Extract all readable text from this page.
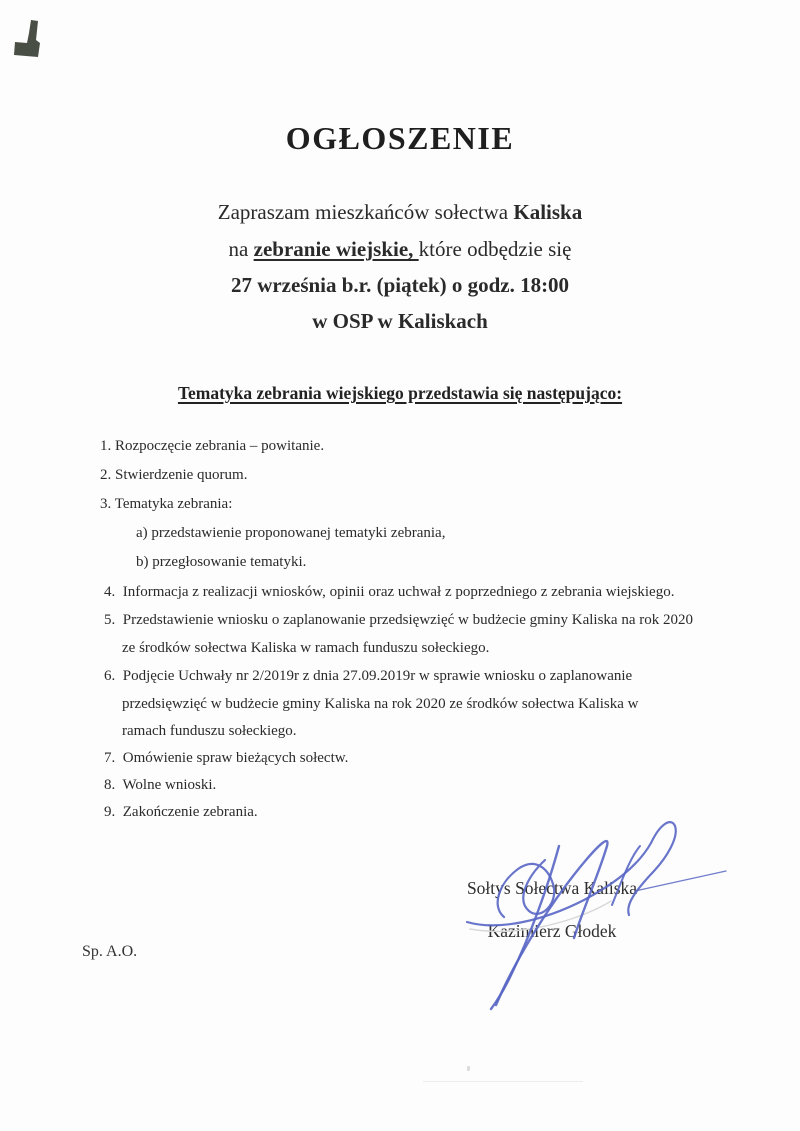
OGŁOSZENIE
Zapraszam mieszkańców sołectwa Kaliska
na zebranie wiejskie, które odbędzie się
27 września b.r. (piątek) o godz. 18:00
w OSP w Kaliskach
Tematyka zebrania wiejskiego przedstawia się następująco:
1. Rozpoczęcie zebrania – powitanie.
2. Stwierdzenie quorum.
3. Tematyka zebrania:
a) przedstawienie proponowanej tematyki zebrania,
b) przegłosowanie tematyki.
4.  Informacja z realizacji wniosków, opinii oraz uchwał z poprzedniego z zebrania wiejskiego.
5.  Przedstawienie wniosku o zaplanowanie przedsięwzięć w budżecie gminy Kaliska na rok 2020
ze środków sołectwa Kaliska w ramach funduszu sołeckiego.
6.  Podjęcie Uchwały nr 2/2019r z dnia 27.09.2019r w sprawie wniosku o zaplanowanie
przedsięwzięć w budżecie gminy Kaliska na rok 2020 ze środków sołectwa Kaliska w
ramach funduszu sołeckiego.
7.  Omówienie spraw bieżących sołectw.
8.  Wolne wnioski.
9.  Zakończenie zebrania.
Sołtys Sołectwa Kaliska
Kazimierz Głodek
Sp. A.O.
